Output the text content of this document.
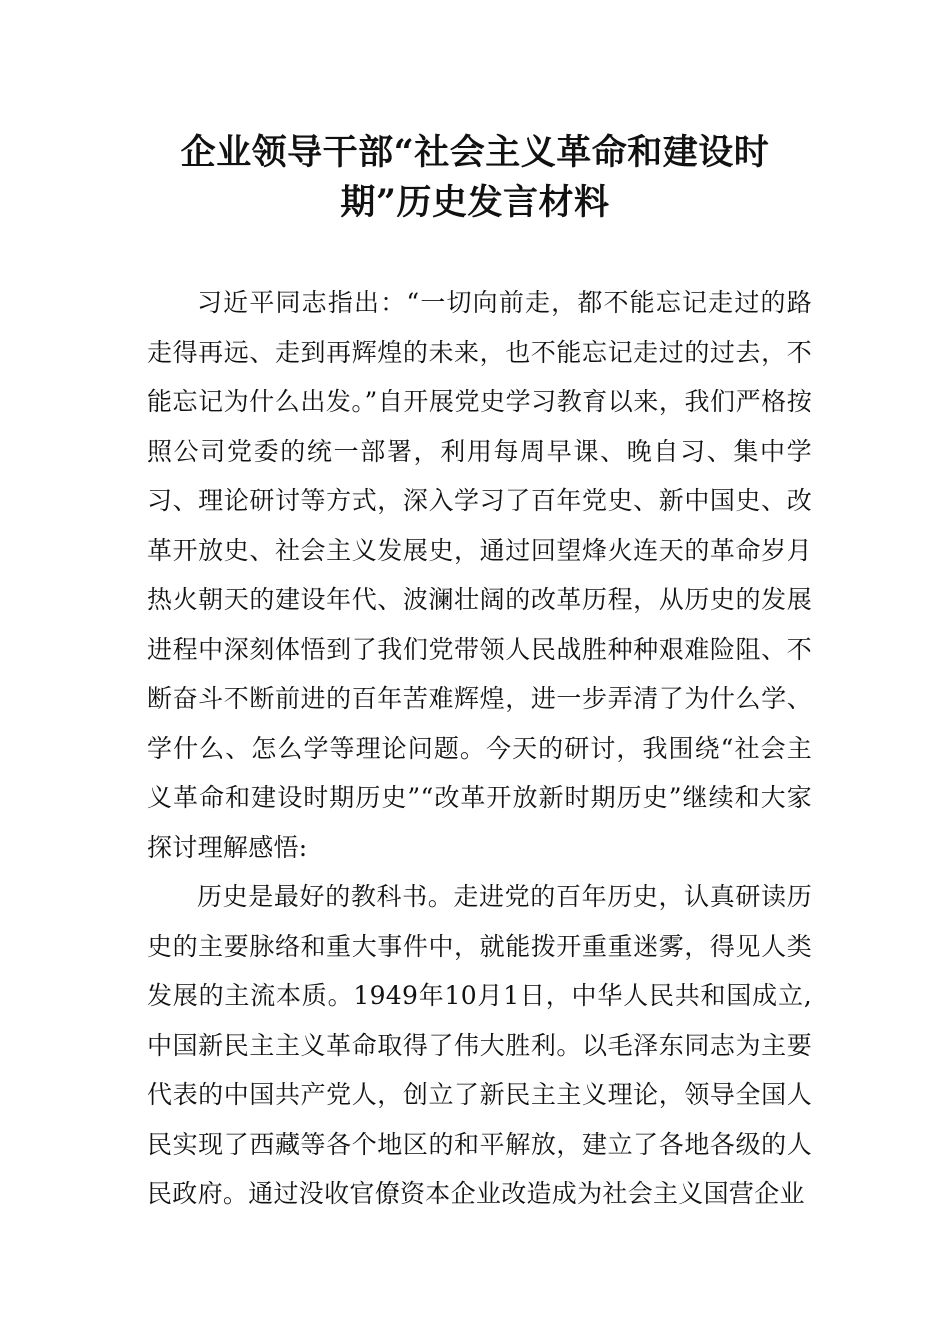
企业领导干部“社会主义革命和建设时
期”历史发言材料

习近平同志指出：“一切向前走，都不能忘记走过的路走得再远、走到再辉煌的未来，也不能忘记走过的过去，不能忘记为什么出发。”自开展党史学习教育以来，我们严格按照公司党委的统一部署，利用每周早课、晚自习、集中学习、理论研讨等方式，深入学习了百年党史、新中国史、改革开放史、社会主义发展史，通过回望烽火连天的革命岁月热火朝天的建设年代、波澜壮阔的改革历程，从历史的发展进程中深刻体悟到了我们党带领人民战胜种种艰难险阻、不断奋斗不断前进的百年苦难辉煌，进一步弄清了为什么学、学什么、怎么学等理论问题。今天的研讨，我围绕“社会主义革命和建设时期历史”“改革开放新时期历史”继续和大家探讨理解感悟:

历史是最好的教科书。走进党的百年历史，认真研读历史的主要脉络和重大事件中，就能拨开重重迷雾，得见人类发展的主流本质。1949年10月1日，中华人民共和国成立,中国新民主主义革命取得了伟大胜利。以毛泽东同志为主要代表的中国共产党人，创立了新民主主义理论，领导全国人民实现了西藏等各个地区的和平解放，建立了各地各级的人民政府。通过没收官僚资本企业改造成为社会主义国营企业
